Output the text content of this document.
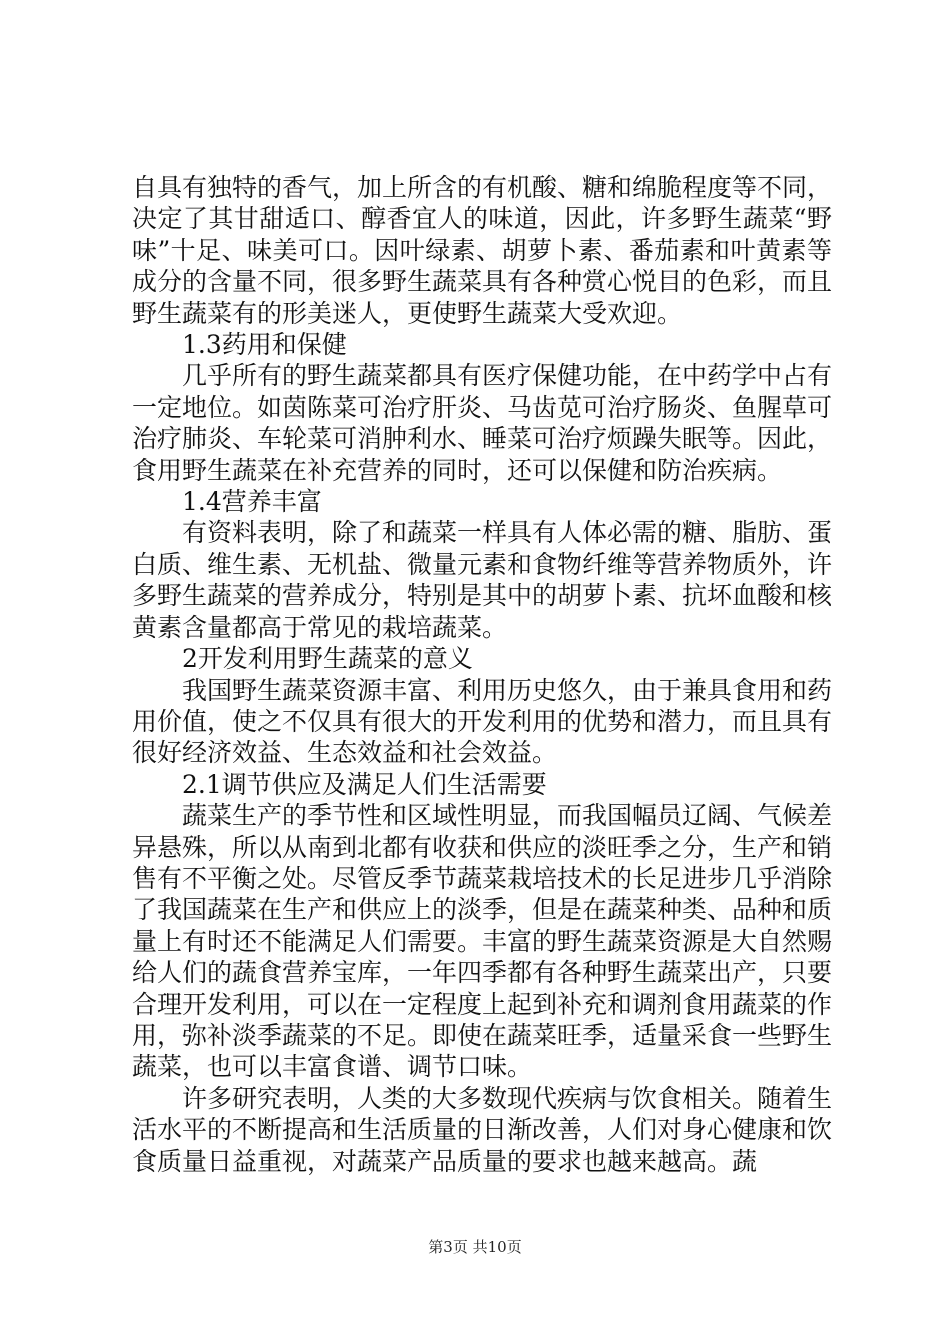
自具有独特的香气，加上所含的有机酸、糖和绵脆程度等不同，决定了其甘甜适口、醇香宜人的味道，因此，许多野生蔬菜“野味”十足、味美可口。因叶绿素、胡萝卜素、番茄素和叶黄素等成分的含量不同，很多野生蔬菜具有各种赏心悦目的色彩，而且野生蔬菜有的形美迷人，更使野生蔬菜大受欢迎。

1.3药用和保健

几乎所有的野生蔬菜都具有医疗保健功能，在中药学中占有一定地位。如茵陈菜可治疗肝炎、马齿苋可治疗肠炎、鱼腥草可治疗肺炎、车轮菜可消肿利水、睡菜可治疗烦躁失眠等。因此，食用野生蔬菜在补充营养的同时，还可以保健和防治疾病。

1.4营养丰富

有资料表明，除了和蔬菜一样具有人体必需的糖、脂肪、蛋白质、维生素、无机盐、微量元素和食物纤维等营养物质外，许多野生蔬菜的营养成分，特别是其中的胡萝卜素、抗坏血酸和核黄素含量都高于常见的栽培蔬菜。

2开发利用野生蔬菜的意义

我国野生蔬菜资源丰富、利用历史悠久，由于兼具食用和药用价值，使之不仅具有很大的开发利用的优势和潜力，而且具有很好经济效益、生态效益和社会效益。

2.1调节供应及满足人们生活需要

蔬菜生产的季节性和区域性明显，而我国幅员辽阔、气候差异悬殊，所以从南到北都有收获和供应的淡旺季之分，生产和销售有不平衡之处。尽管反季节蔬菜栽培技术的长足进步几乎消除了我国蔬菜在生产和供应上的淡季，但是在蔬菜种类、品种和质量上有时还不能满足人们需要。丰富的野生蔬菜资源是大自然赐给人们的蔬食营养宝库，一年四季都有各种野生蔬菜出产，只要合理开发利用，可以在一定程度上起到补充和调剂食用蔬菜的作用，弥补淡季蔬菜的不足。即使在蔬菜旺季，适量采食一些野生蔬菜，也可以丰富食谱、调节口味。

许多研究表明，人类的大多数现代疾病与饮食相关。随着生活水平的不断提高和生活质量的日渐改善，人们对身心健康和饮食质量日益重视，对蔬菜产品质量的要求也越来越高。蔬

第3页 共10页
